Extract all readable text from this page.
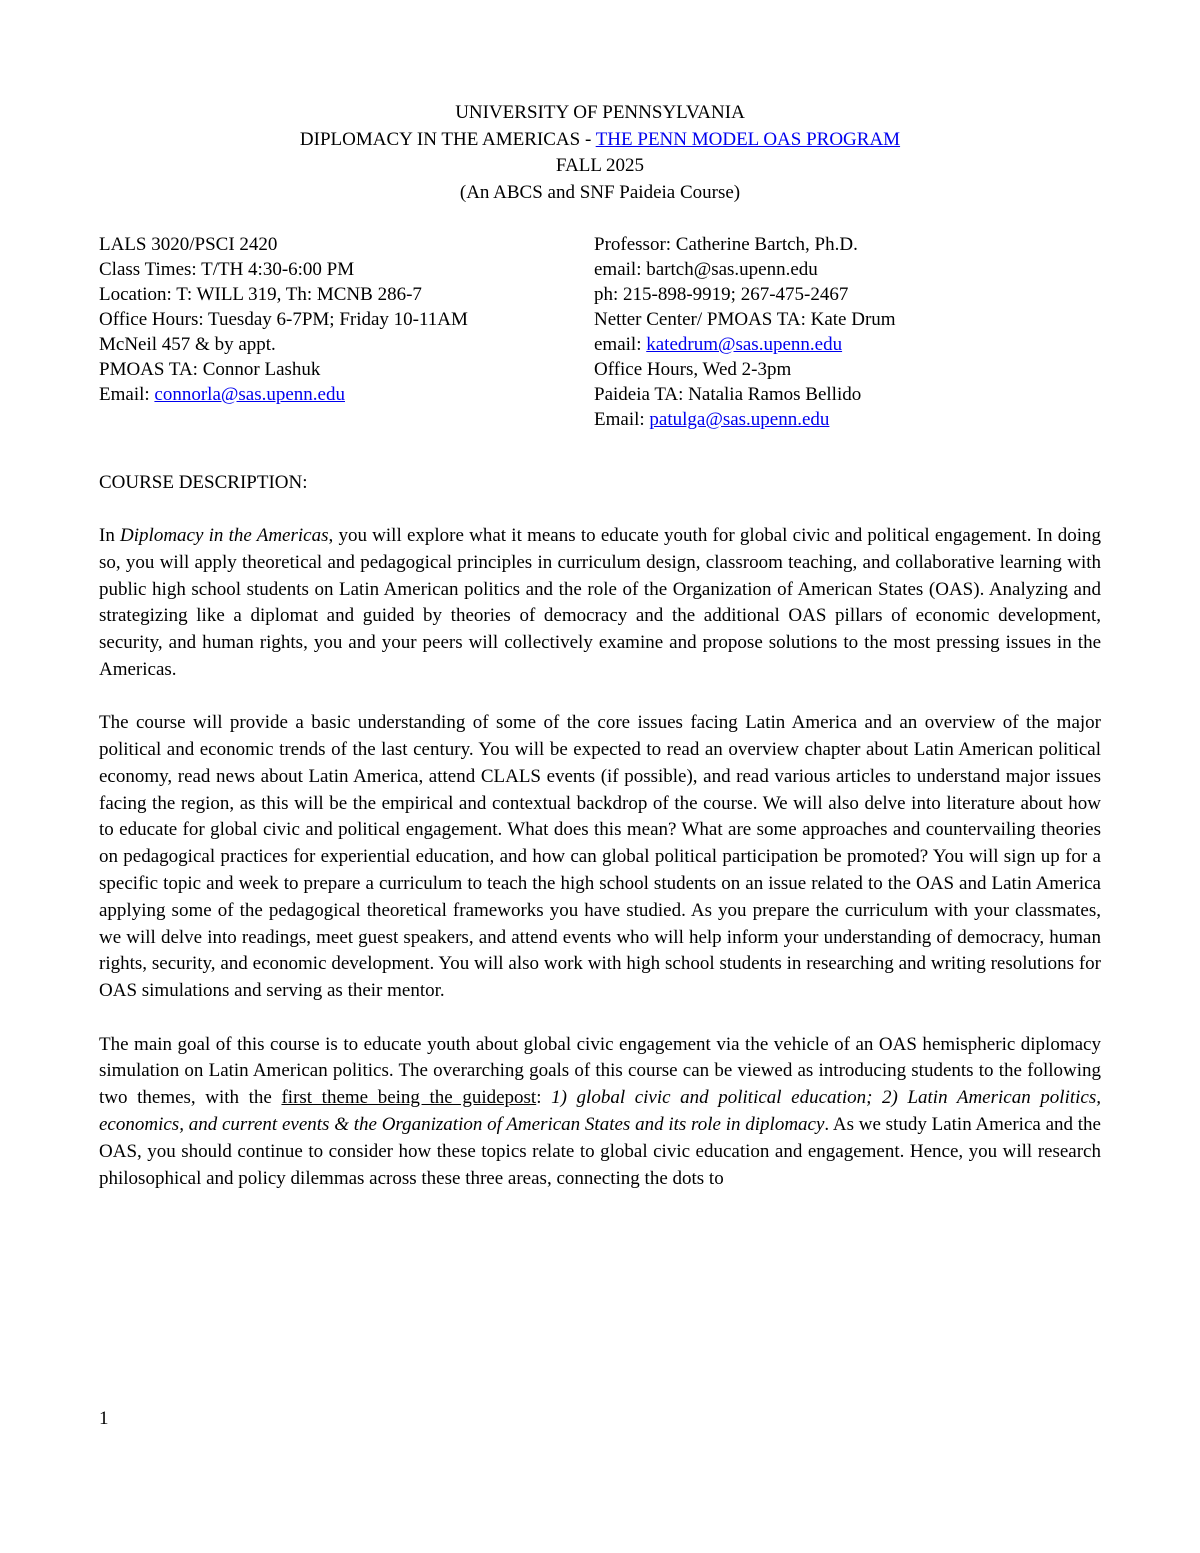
UNIVERSITY OF PENNSYLVANIA
DIPLOMACY IN THE AMERICAS - THE PENN MODEL OAS PROGRAM
FALL 2025
(An ABCS and SNF Paideia Course)
LALS 3020/PSCI 2420
Class Times: T/TH 4:30-6:00 PM
Location: T: WILL 319, Th: MCNB 286-7
Office Hours: Tuesday 6-7PM; Friday 10-11AM
McNeil 457 & by appt.
PMOAS TA: Connor Lashuk
Email: connorla@sas.upenn.edu
Professor: Catherine Bartch, Ph.D.
email: bartch@sas.upenn.edu
ph: 215-898-9919; 267-475-2467
Netter Center/ PMOAS TA: Kate Drum
email: katedrum@sas.upenn.edu
Office Hours, Wed 2-3pm
Paideia TA: Natalia Ramos Bellido
Email: patulga@sas.upenn.edu
COURSE DESCRIPTION:

In Diplomacy in the Americas, you will explore what it means to educate youth for global civic and political engagement. In doing so, you will apply theoretical and pedagogical principles in curriculum design, classroom teaching, and collaborative learning with public high school students on Latin American politics and the role of the Organization of American States (OAS). Analyzing and strategizing like a diplomat and guided by theories of democracy and the additional OAS pillars of economic development, security, and human rights, you and your peers will collectively examine and propose solutions to the most pressing issues in the Americas.

The course will provide a basic understanding of some of the core issues facing Latin America and an overview of the major political and economic trends of the last century. You will be expected to read an overview chapter about Latin American political economy, read news about Latin America, attend CLALS events (if possible), and read various articles to understand major issues facing the region, as this will be the empirical and contextual backdrop of the course. We will also delve into literature about how to educate for global civic and political engagement. What does this mean? What are some approaches and countervailing theories on pedagogical practices for experiential education, and how can global political participation be promoted? You will sign up for a specific topic and week to prepare a curriculum to teach the high school students on an issue related to the OAS and Latin America applying some of the pedagogical theoretical frameworks you have studied. As you prepare the curriculum with your classmates, we will delve into readings, meet guest speakers, and attend events who will help inform your understanding of democracy, human rights, security, and economic development. You will also work with high school students in researching and writing resolutions for OAS simulations and serving as their mentor.

The main goal of this course is to educate youth about global civic engagement via the vehicle of an OAS hemispheric diplomacy simulation on Latin American politics. The overarching goals of this course can be viewed as introducing students to the following two themes, with the first theme being the guidepost: 1) global civic and political education; 2) Latin American politics, economics, and current events & the Organization of American States and its role in diplomacy. As we study Latin America and the OAS, you should continue to consider how these topics relate to global civic education and engagement. Hence, you will research philosophical and policy dilemmas across these three areas, connecting the dots to

1
